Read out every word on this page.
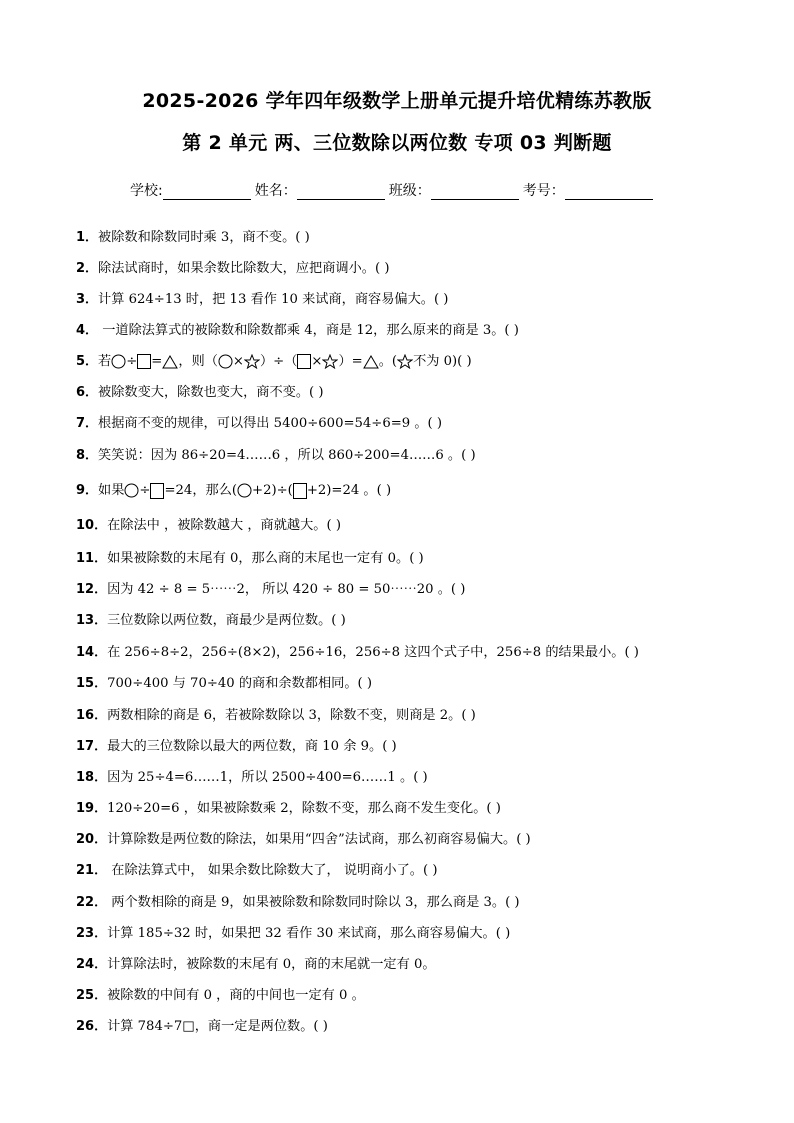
2025-2026 学年四年级数学上册单元提升培优精练苏教版
第 2 单元 两、三位数除以两位数 专项 03 判断题
学校:	姓名：	班级：	考号：
1．被除数和除数同时乘 3，商不变。( )
2．除法试商时，如果余数比除数大，应把商调小。( )
3．计算 624÷13 时，把 13 看作 10 来试商，商容易偏大。( )
4． 一道除法算式的被除数和除数都乘 4，商是 12，那么原来的商是 3。( )
5．若 ÷ = ，则（ × ）÷（ × ）= 。( 不为 0)( )
6．被除数变大，除数也变大，商不变。( )
7．根据商不变的规律，可以得出 5400÷600=54÷6=9 。( )
8．笑笑说：因为 86÷20=4……6 ，所以 860÷200=4……6 。( )
9．如果 ÷ =24，那么( +2)÷( +2)=24 。( )
10．在除法中 ，被除数越大 ，商就越大。( )
11．如果被除数的末尾有 0，那么商的末尾也一定有 0。( )
12．因为 42 ÷ 8 = 5⋯⋯2， 所以 420 ÷ 80 = 50⋯⋯20 。( )
13．三位数除以两位数，商最少是两位数。( )
14．在 256÷8÷2，256÷(8×2)，256÷16，256÷8 这四个式子中，256÷8 的结果最小。( )
15．700÷400 与 70÷40 的商和余数都相同。( )
16．两数相除的商是 6，若被除数除以 3，除数不变，则商是 2。( )
17．最大的三位数除以最大的两位数，商 10 余 9。( )
18．因为 25÷4=6……1，所以 2500÷400=6……1 。( )
19．120÷20=6 ，如果被除数乘 2，除数不变，那么商不发生变化。( )
20．计算除数是两位数的除法，如果用“四舍”法试商，那么初商容易偏大。( )
21． 在除法算式中， 如果余数比除数大了， 说明商小了。( )
22． 两个数相除的商是 9，如果被除数和除数同时除以 3，那么商是 3。( )
23．计算 185÷32 时，如果把 32 看作 30 来试商，那么商容易偏大。( )
24．计算除法时，被除数的末尾有 0，商的末尾就一定有 0。
25．被除数的中间有 0 ，商的中间也一定有 0 。
26．计算 784÷7□，商一定是两位数。( )
